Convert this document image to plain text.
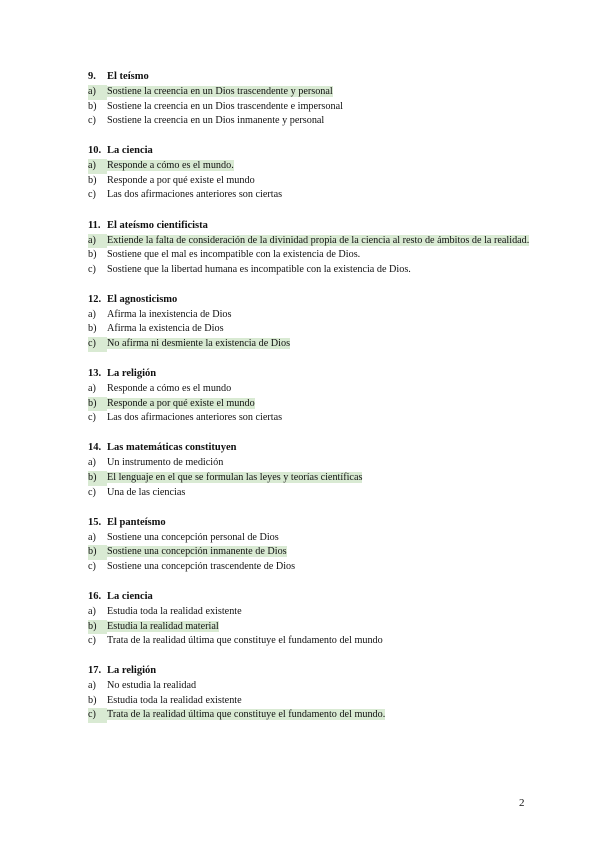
9. El teísmo
a)	Sostiene la creencia en un Dios trascendente y personal
b) Sostiene la creencia en un Dios trascendente e impersonal
c) Sostiene la creencia en un Dios inmanente y personal
10. La ciencia
a)	Responde a cómo es el mundo.
b) Responde a por qué existe el mundo
c) Las dos afirmaciones anteriores son ciertas
11. El ateísmo cientificista
a)	Extiende la falta de consideración de la divinidad propia de la ciencia al resto de ámbitos de la realidad.
b) Sostiene que el mal es incompatible con la existencia de Dios.
c) Sostiene que la libertad humana es incompatible con la existencia de Dios.
12. El agnosticismo
a) Afirma la inexistencia de Dios
b) Afirma la existencia de Dios
c)	No afirma ni desmiente la existencia de Dios
13. La religión
a) Responde a cómo es el mundo
b)	Responde a por qué existe el mundo
c) Las dos afirmaciones anteriores son ciertas
14. Las matemáticas constituyen
a) Un instrumento de medición
b)	El lenguaje en el que se formulan las leyes y teorías científicas
c) Una de las ciencias
15. El panteísmo
a) Sostiene una concepción personal de Dios
b)	Sostiene una concepción inmanente de Dios
c) Sostiene una concepción trascendente de Dios
16. La ciencia
a) Estudia toda la realidad existente
b)	Estudia la realidad material
c) Trata de la realidad última que constituye el fundamento del mundo
17. La religión
a) No estudia la realidad
b) Estudia toda la realidad existente
c)	Trata de la realidad última que constituye el fundamento del mundo.
2
